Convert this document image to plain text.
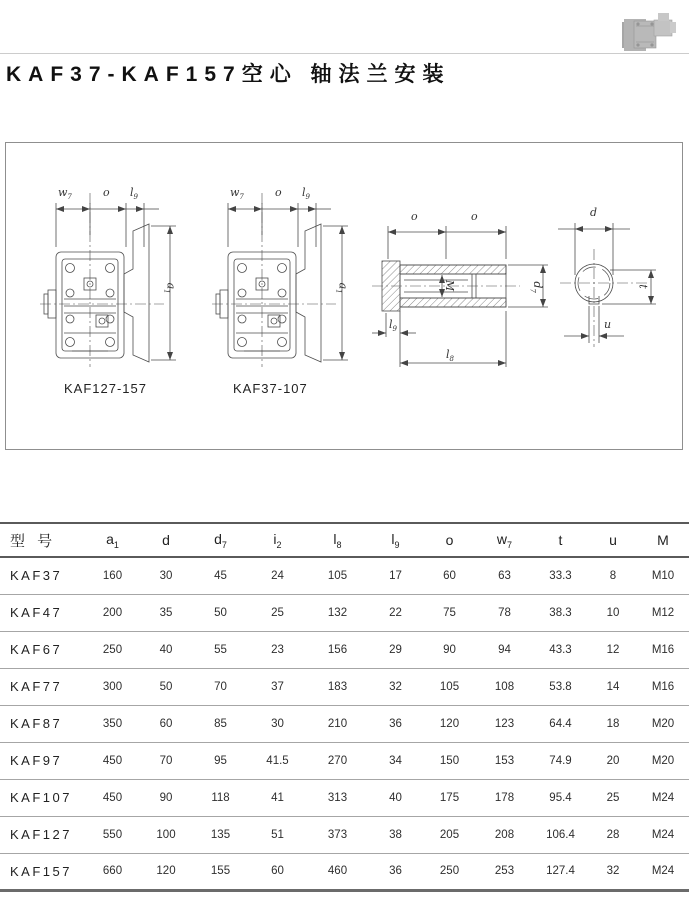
KAF37-KAF157空心 轴法兰安装
$w_7$	o $l_9$
$a_1$
$w_7$	o $l_9$
$a_1$
o	o
M	$d_7$
$l_9$
$l_8$
d
t
u
KAF127-157	KAF37-107
型 号	$a_1$	d	$d_7$	$i_2$	$l_8$	$l_9$	o	$w_7$	t	u	M
KAF37	160	30	45	24	105	17	60	63	33.3	8	M10
KAF47	200	35	50	25	132	22	75	78	38.3	10	M12
KAF67	250	40	55	23	156	29	90	94	43.3	12	M16
KAF77	300	50	70	37	183	32	105	108	53.8	14	M16
KAF87	350	60	85	30	210	36	120	123	64.4	18	M20
KAF97	450	70	95	41.5	270	34	150	153	74.9	20	M20
KAF107	450	90	118	41	313	40	175	178	95.4	25	M24
KAF127	550	100	135	51	373	38	205	208	106.4	28	M24
KAF157	660	120	155	60	460	36	250	253	127.4	32	M24
